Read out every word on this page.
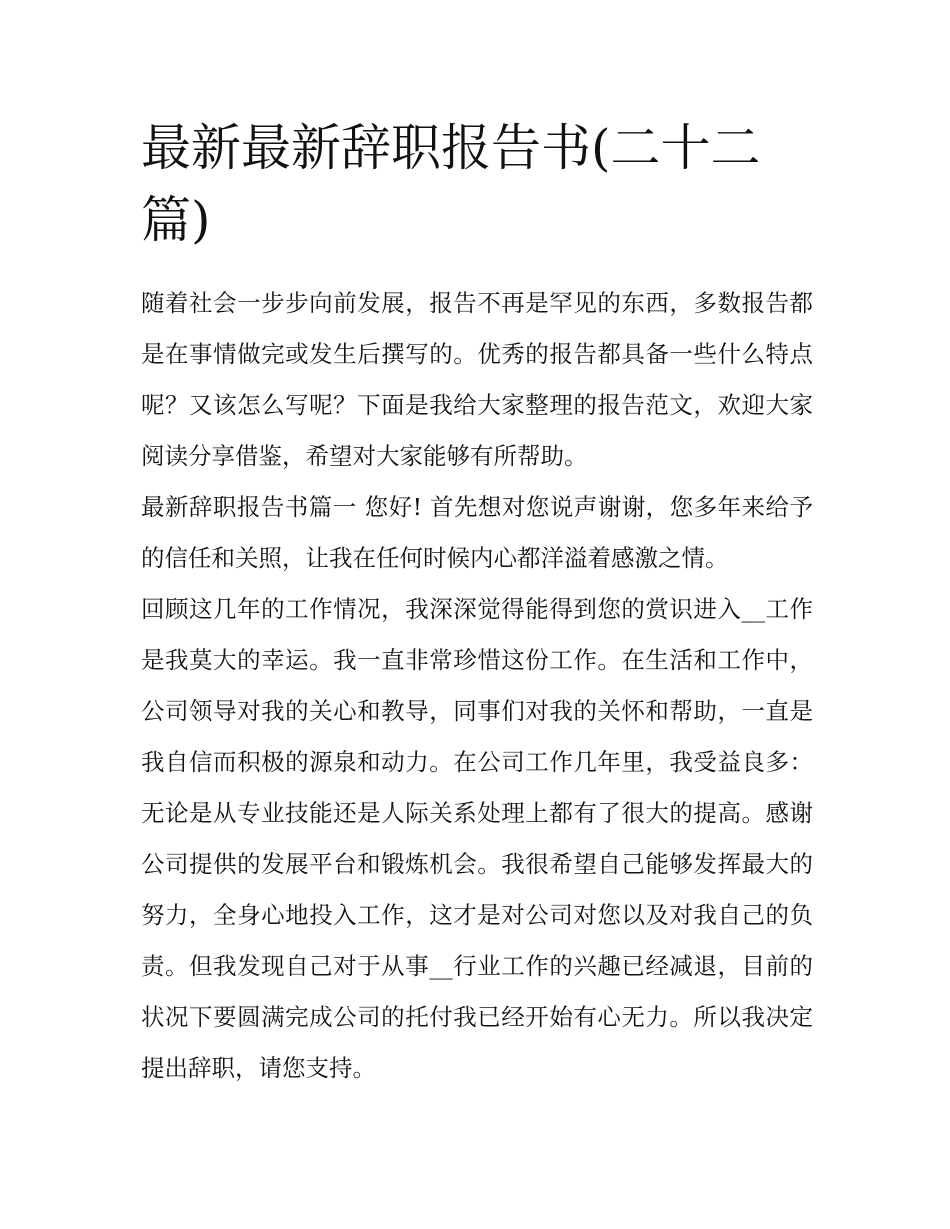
最新最新辞职报告书(二十二篇)

随着社会一步步向前发展，报告不再是罕见的东西，多数报告都是在事情做完或发生后撰写的。优秀的报告都具备一些什么特点呢？又该怎么写呢？下面是我给大家整理的报告范文，欢迎大家阅读分享借鉴，希望对大家能够有所帮助。

最新辞职报告书篇一 您好! 首先想对您说声谢谢，您多年来给予的信任和关照，让我在任何时候内心都洋溢着感激之情。

回顾这几年的工作情况，我深深觉得能得到您的赏识进入__工作是我莫大的幸运。我一直非常珍惜这份工作。在生活和工作中，公司领导对我的关心和教导，同事们对我的关怀和帮助，一直是我自信而积极的源泉和动力。在公司工作几年里，我受益良多：无论是从专业技能还是人际关系处理上都有了很大的提高。感谢公司提供的发展平台和锻炼机会。我很希望自己能够发挥最大的努力，全身心地投入工作，这才是对公司对您以及对我自己的负责。但我发现自己对于从事__行业工作的兴趣已经减退，目前的状况下要圆满完成公司的托付我已经开始有心无力。所以我决定提出辞职，请您支持。
